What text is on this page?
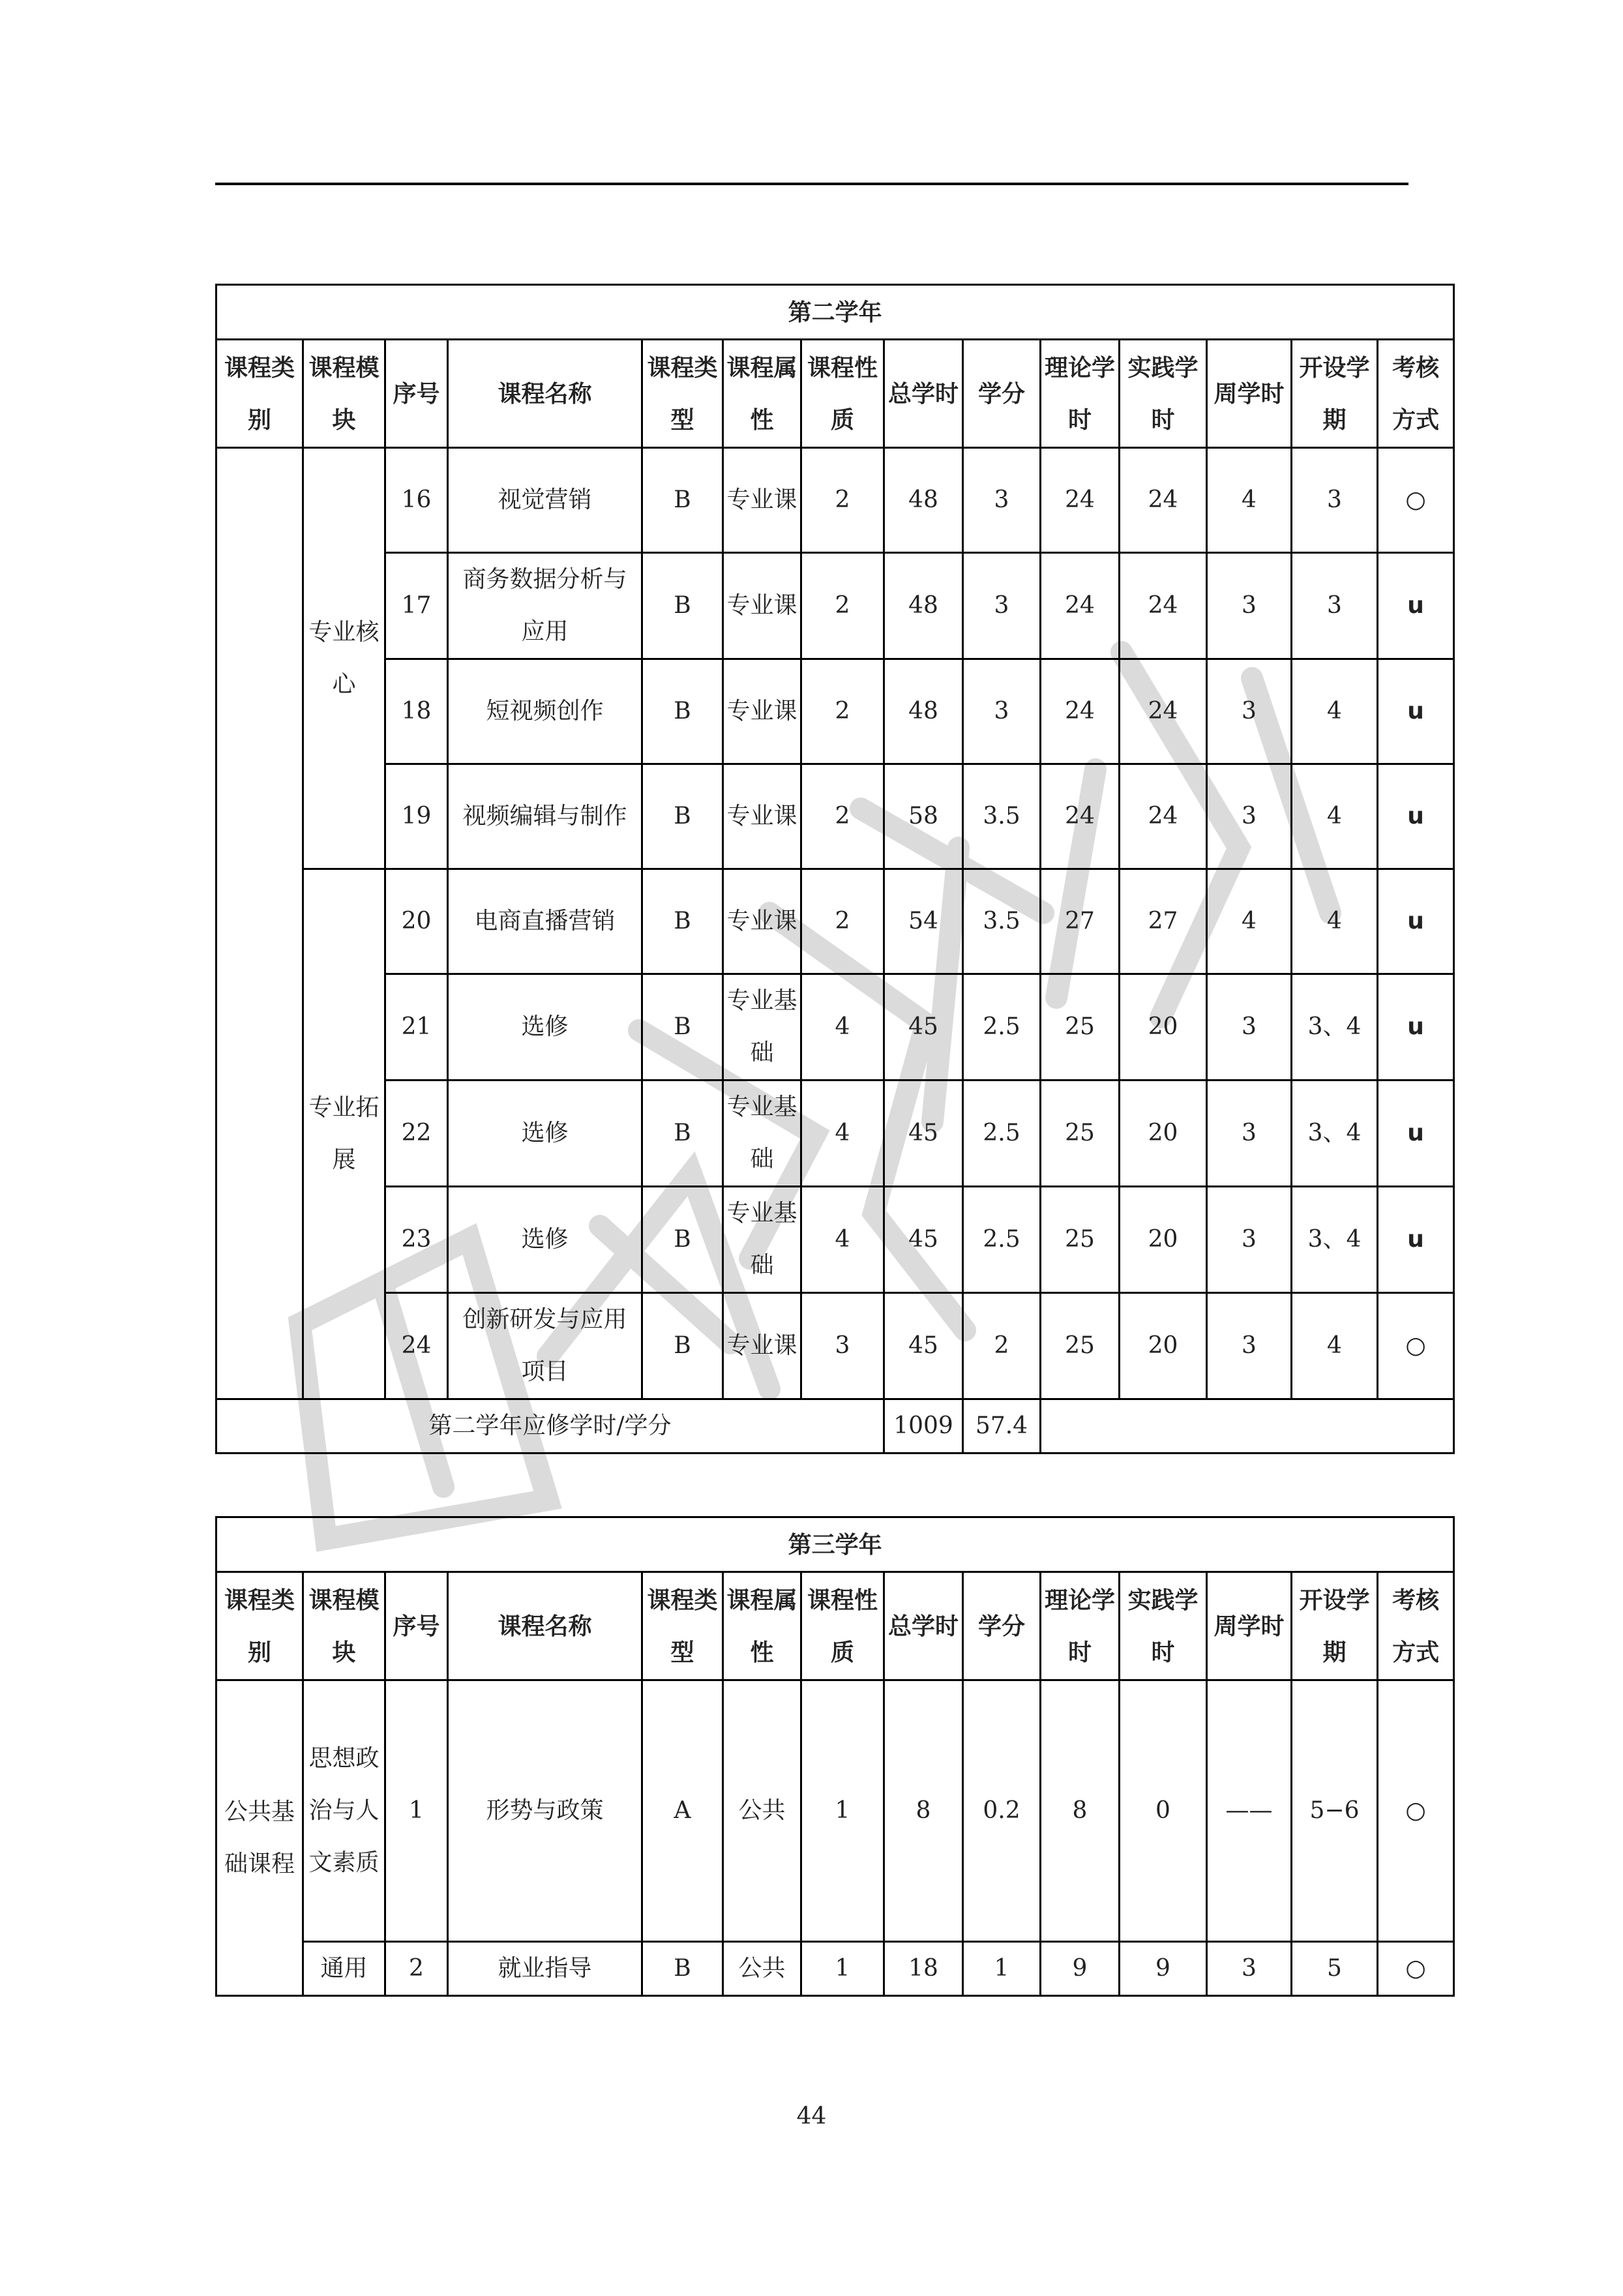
第二学年													
课程类别	课程模块	序号	课程名称	课程类型	课程属性	课程性质	总学时	学分	理论学时	实践学时	周学时	开设学期	考核方式
	专业核心	16	视觉营销	B	专业课	2	48	3	24	24	4	3	○
		17	商务数据分析与应用	B	专业课	2	48	3	24	24	3	3	u
		18	短视频创作	B	专业课	2	48	3	24	24	3	4	u
		19	视频编辑与制作	B	专业课	2	58	3.5	24	24	3	4	u
	专业拓展	20	电商直播营销	B	专业课	2	54	3.5	27	27	4	4	u
		21	选修	B	专业基础	4	45	2.5	25	20	3	3、4	u
		22	选修	B	专业基础	4	45	2.5	25	20	3	3、4	u
		23	选修	B	专业基础	4	45	2.5	25	20	3	3、4	u
		24	创新研发与应用项目	B	专业课	3	45	2	25	20	3	4	○
第二学年应修学时/学分							1009	57.4					
第三学年													
课程类别	课程模块	序号	课程名称	课程类型	课程属性	课程性质	总学时	学分	理论学时	实践学时	周学时	开设学期	考核方式
公共基础课程	思想政治与人文素质	1	形势与政策	A	公共	1	8	0.2	8	0	——	5−6	○
	通用	2	就业指导	B	公共	1	18	1	9	9	3	5	○
44
